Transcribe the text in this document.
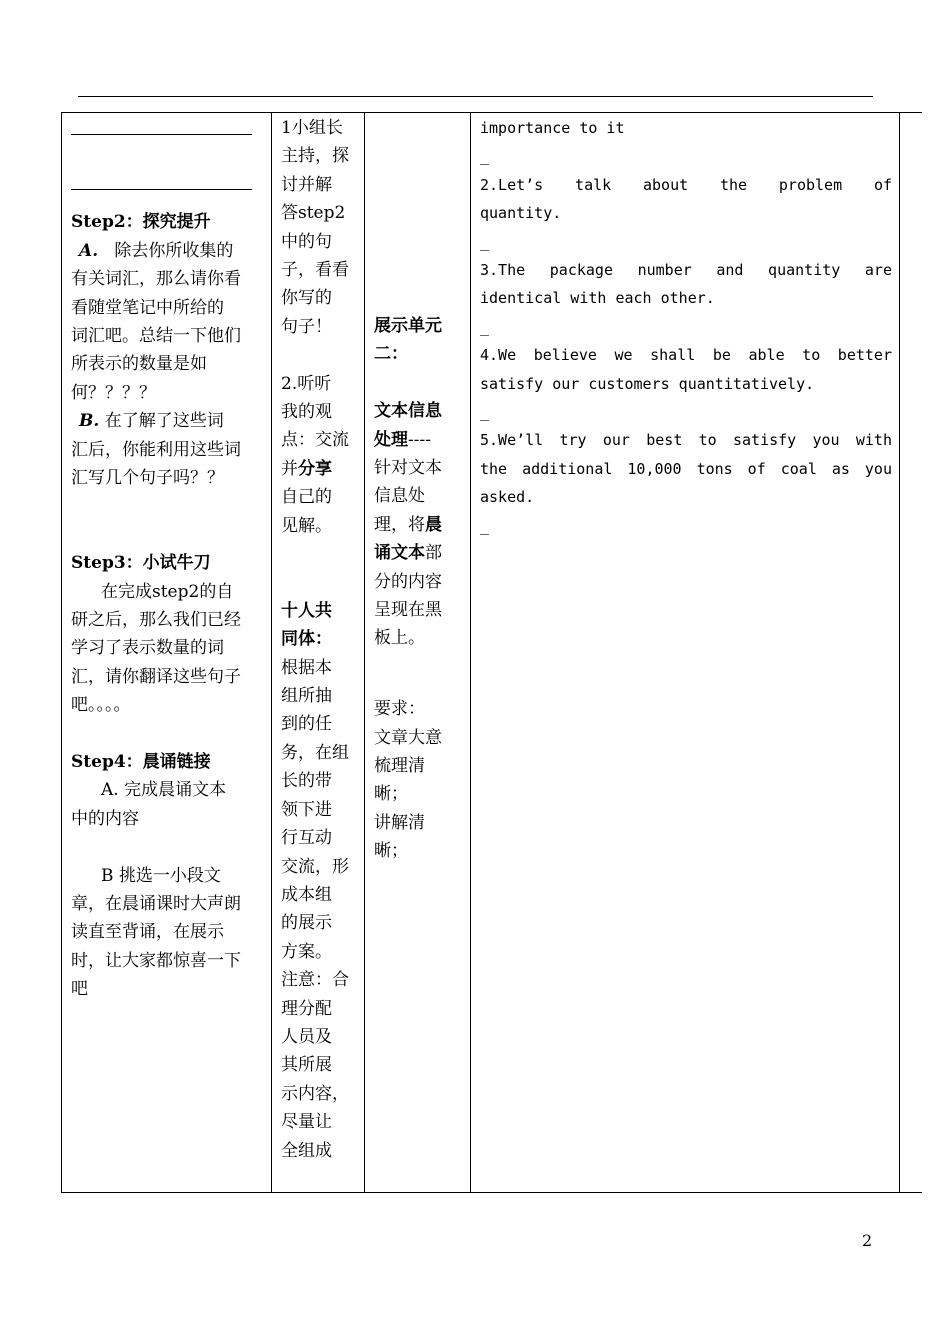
Step2：探究提升
A. 除去你所收集的
有关词汇，那么请你看
看随堂笔记中所给的
词汇吧。总结一下他们
所表示的数量是如
何？？？？
B. 在了解了这些词
汇后，你能利用这些词
汇写几个句子吗？？
Step3：小试牛刀
在完成step2的自
研之后，那么我们已经
学习了表示数量的词
汇，请你翻译这些句子
吧。。。。
Step4：晨诵链接
A. 完成晨诵文本
中的内容
B 挑选一小段文
章，在晨诵课时大声朗
读直至背诵，在展示
时，让大家都惊喜一下
吧
1小组长
主持，探
讨并解
答step2
中的句
子，看看
你写的
句子！
2.听听
我的观
点：交流
并分享
自己的
见解。
十人共
同体：
根据本
组所抽
到的任
务，在组
长的带
领下进
行互动
交流，形
成本组
的展示
方案。
注意：合
理分配
人员及
其所展
示内容，
尽量让
全组成
展示单元
二：
文本信息
处理----
针对文本
信息处
理，将晨
诵文本部
分的内容
呈现在黑
板上。
要求：
文章大意
梳理清
晰；
讲解清
晰；
importance to it
_
2.Let’s talk about the problem of
quantity.
_
3.The package number and quantity are
identical with each other.
_
4.We believe we shall be able to better
satisfy our customers quantitatively.
_
5.We’ll try our best to satisfy you with
the additional 10,000 tons of coal as you
asked.
_
2
